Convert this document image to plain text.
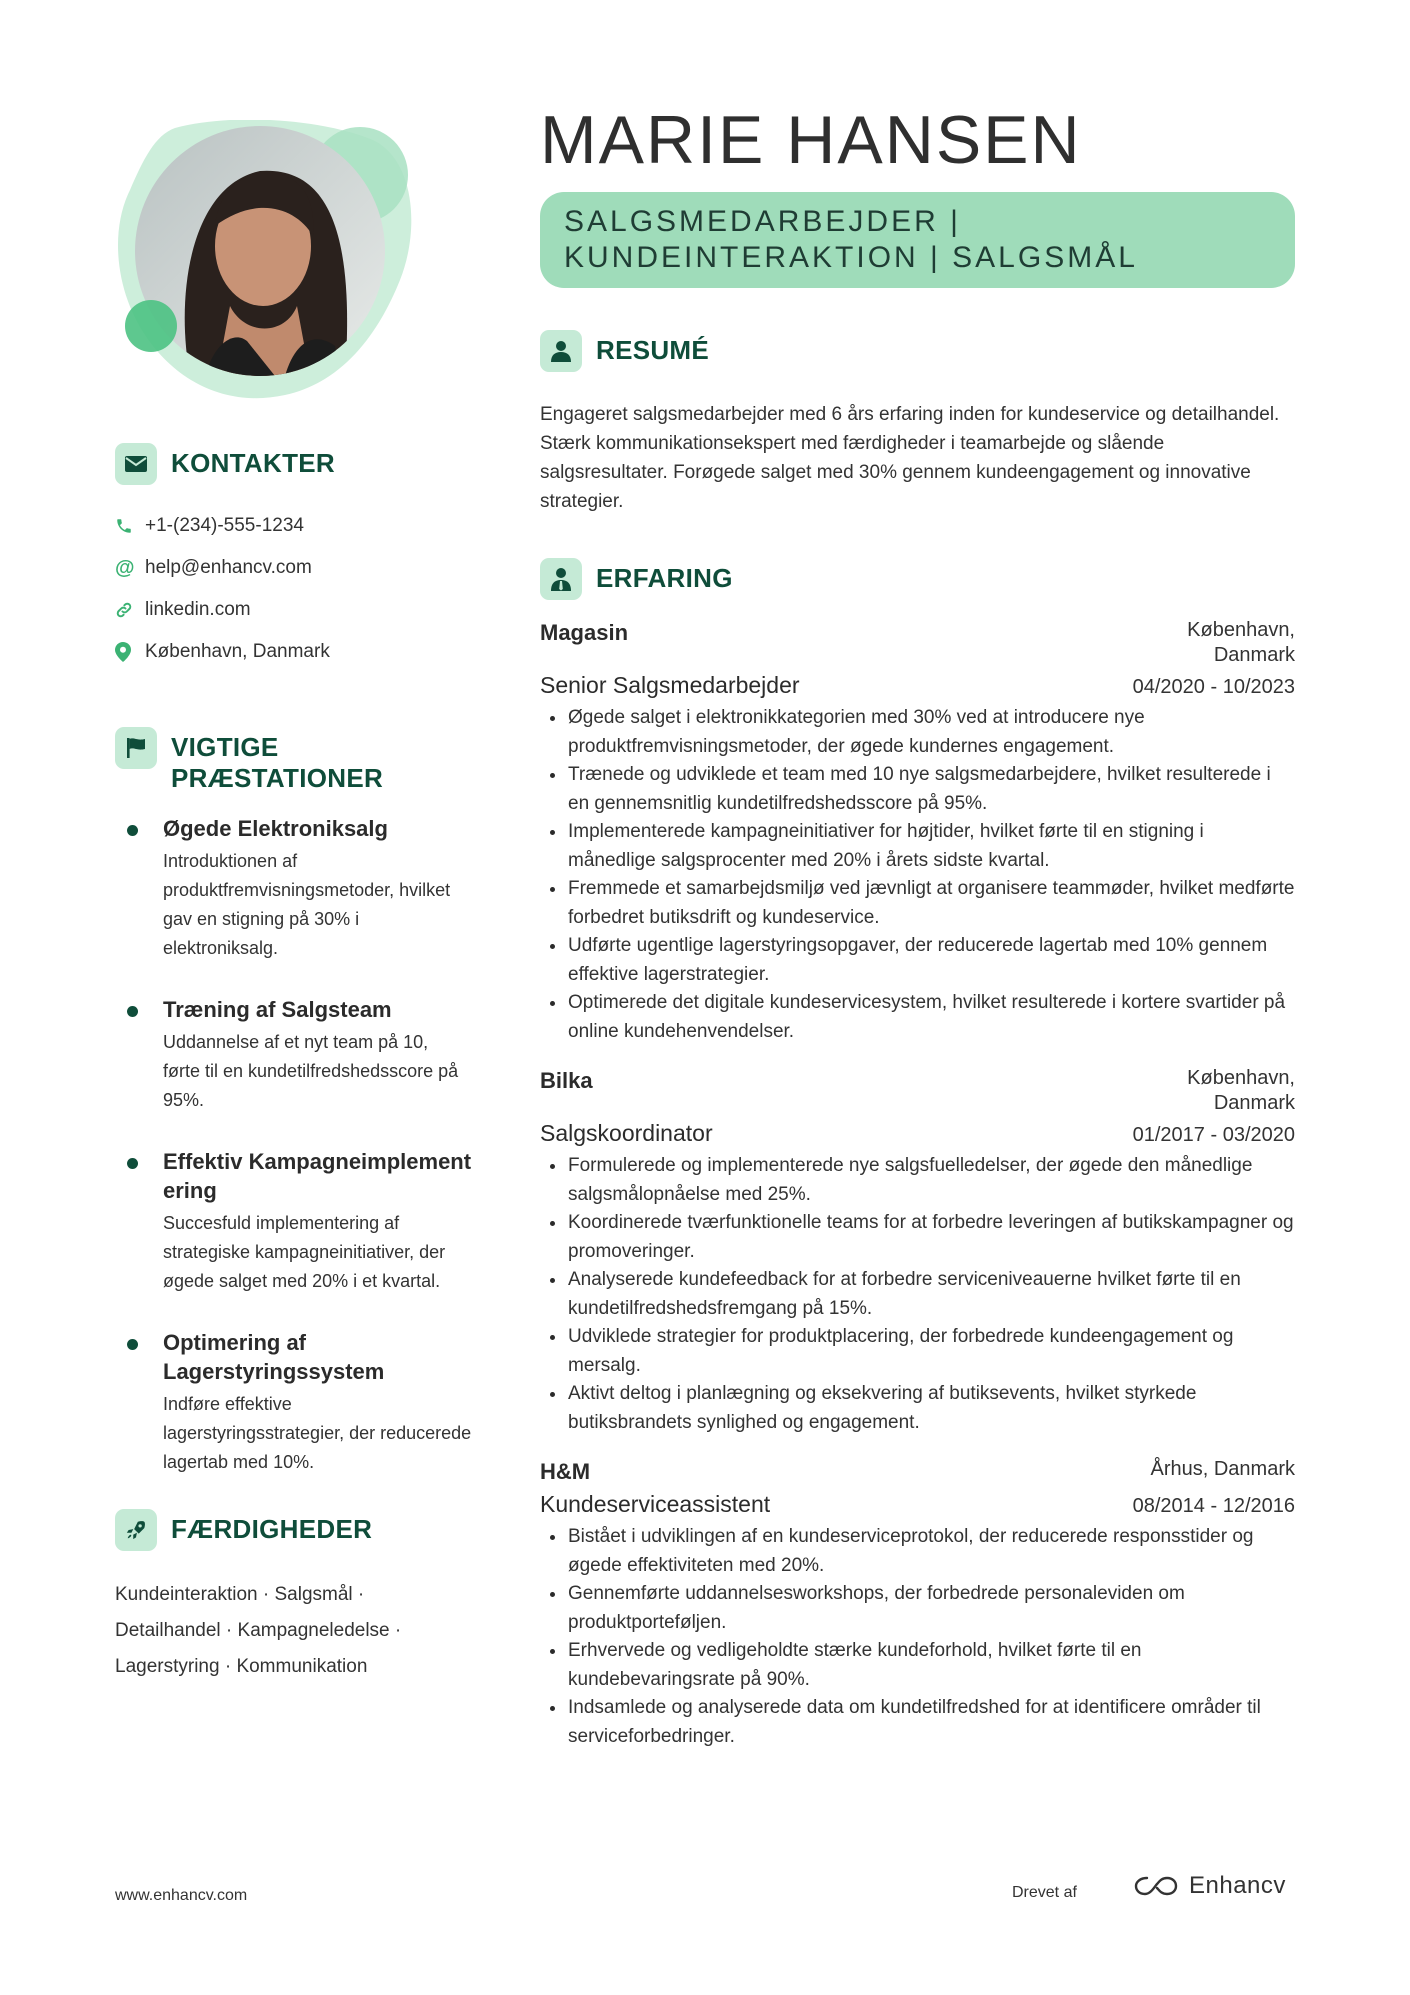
KONTAKTER
+1-(234)-555-1234
@ help@enhancv.com
linkedin.com
København, Danmark
VIGTIGE PRÆSTATIONER
Øgede Elektroniksalg
Introduktionen af produktfremvisningsmetoder, hvilket gav en stigning på 30% i elektroniksalg.
Træning af Salgsteam
Uddannelse af et nyt team på 10, førte til en kundetilfredshedsscore på 95%.
Effektiv Kampagneimplementering
Succesfuld implementering af strategiske kampagneinitiativer, der øgede salget med 20% i et kvartal.
Optimering af Lagerstyringssystem
Indføre effektive lagerstyringsstrategier, der reducerede lagertab med 10%.
FÆRDIGHEDER
Kundeinteraktion · Salgsmål · Detailhandel · Kampagneledelse · Lagerstyring · Kommunikation
MARIE HANSEN
SALGSMEDARBEJDER | KUNDEINTERAKTION | SALGSMÅL
RESUMÉ
Engageret salgsmedarbejder med 6 års erfaring inden for kundeservice og detailhandel. Stærk kommunikationsekspert med færdigheder i teamarbejde og slående salgsresultater. Forøgede salget med 30% gennem kundeengagement og innovative strategier.
ERFARING
Magasin	København, Danmark
Senior Salgsmedarbejder	04/2020 - 10/2023
Øgede salget i elektronikkategorien med 30% ved at introducere nye produktfremvisningsmetoder, der øgede kundernes engagement.
Trænede og udviklede et team med 10 nye salgsmedarbejdere, hvilket resulterede i en gennemsnitlig kundetilfredshedsscore på 95%.
Implementerede kampagneinitiativer for højtider, hvilket førte til en stigning i månedlige salgsprocenter med 20% i årets sidste kvartal.
Fremmede et samarbejdsmiljø ved jævnligt at organisere teammøder, hvilket medførte forbedret butiksdrift og kundeservice.
Udførte ugentlige lagerstyringsopgaver, der reducerede lagertab med 10% gennem effektive lagerstrategier.
Optimerede det digitale kundeservicesystem, hvilket resulterede i kortere svartider på online kundehenvendelser.
Bilka	København, Danmark
Salgskoordinator	01/2017 - 03/2020
Formulerede og implementerede nye salgsfuelledelser, der øgede den månedlige salgsmålopnåelse med 25%.
Koordinerede tværfunktionelle teams for at forbedre leveringen af butikskampagner og promoveringer.
Analyserede kundefeedback for at forbedre serviceniveauerne hvilket førte til en kundetilfredshedsfremgang på 15%.
Udviklede strategier for produktplacering, der forbedrede kundeengagement og mersalg.
Aktivt deltog i planlægning og eksekvering af butiksevents, hvilket styrkede butiksbrandets synlighed og engagement.
H&M	Århus, Danmark
Kundeserviceassistent	08/2014 - 12/2016
Bistået i udviklingen af en kundeserviceprotokol, der reducerede responsstider og øgede effektiviteten med 20%.
Gennemførte uddannelsesworkshops, der forbedrede personaleviden om produktporteføljen.
Erhvervede og vedligeholdte stærke kundeforhold, hvilket førte til en kundebevaringsrate på 90%.
Indsamlede og analyserede data om kundetilfredshed for at identificere områder til serviceforbedringer.
www.enhancv.com	Drevet af	Enhancv
